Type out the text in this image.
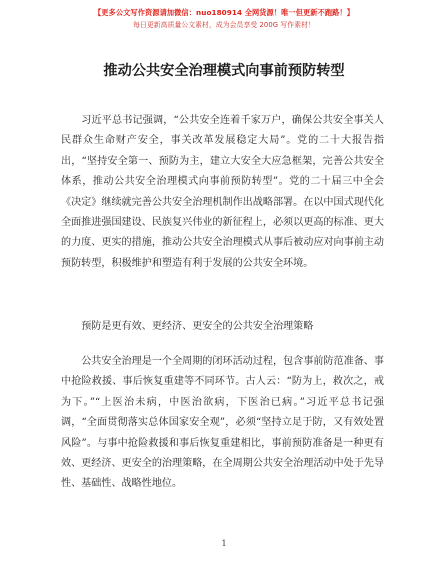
【更多公文写作资源请加微信：nuo180914 全网货源！唯一但更新不跑路！】
每日更新高质量公文素材，成为会员享受 200G 写作素材！
推动公共安全治理模式向事前预防转型

习近平总书记强调，“公共安全连着千家万户，确保公共安全事关人民群众生命财产安全，事关改革发展稳定大局”。党的二十大报告指出，“坚持安全第一、预防为主，建立大安全大应急框架，完善公共安全体系，推动公共安全治理模式向事前预防转型”。党的二十届三中全会《决定》继续就完善公共安全治理机制作出战略部署。在以中国式现代化全面推进强国建设、民族复兴伟业的新征程上，必须以更高的标准、更大的力度、更实的措施，推动公共安全治理模式从事后被动应对向事前主动预防转型，积极维护和塑造有利于发展的公共安全环境。

预防是更有效、更经济、更安全的公共安全治理策略

公共安全治理是一个全周期的闭环活动过程，包含事前防范准备、事中抢险救援、事后恢复重建等不同环节。古人云：“防为上，救次之，戒为下。”“上医治未病，中医治欲病，下医治已病。”习近平总书记强调，“全面贯彻落实总体国家安全观”，必须“坚持立足于防，又有效处置风险”。与事中抢险救援和事后恢复重建相比，事前预防准备是一种更有效、更经济、更安全的治理策略，在全周期公共安全治理活动中处于先导性、基础性、战略性地位。

1
